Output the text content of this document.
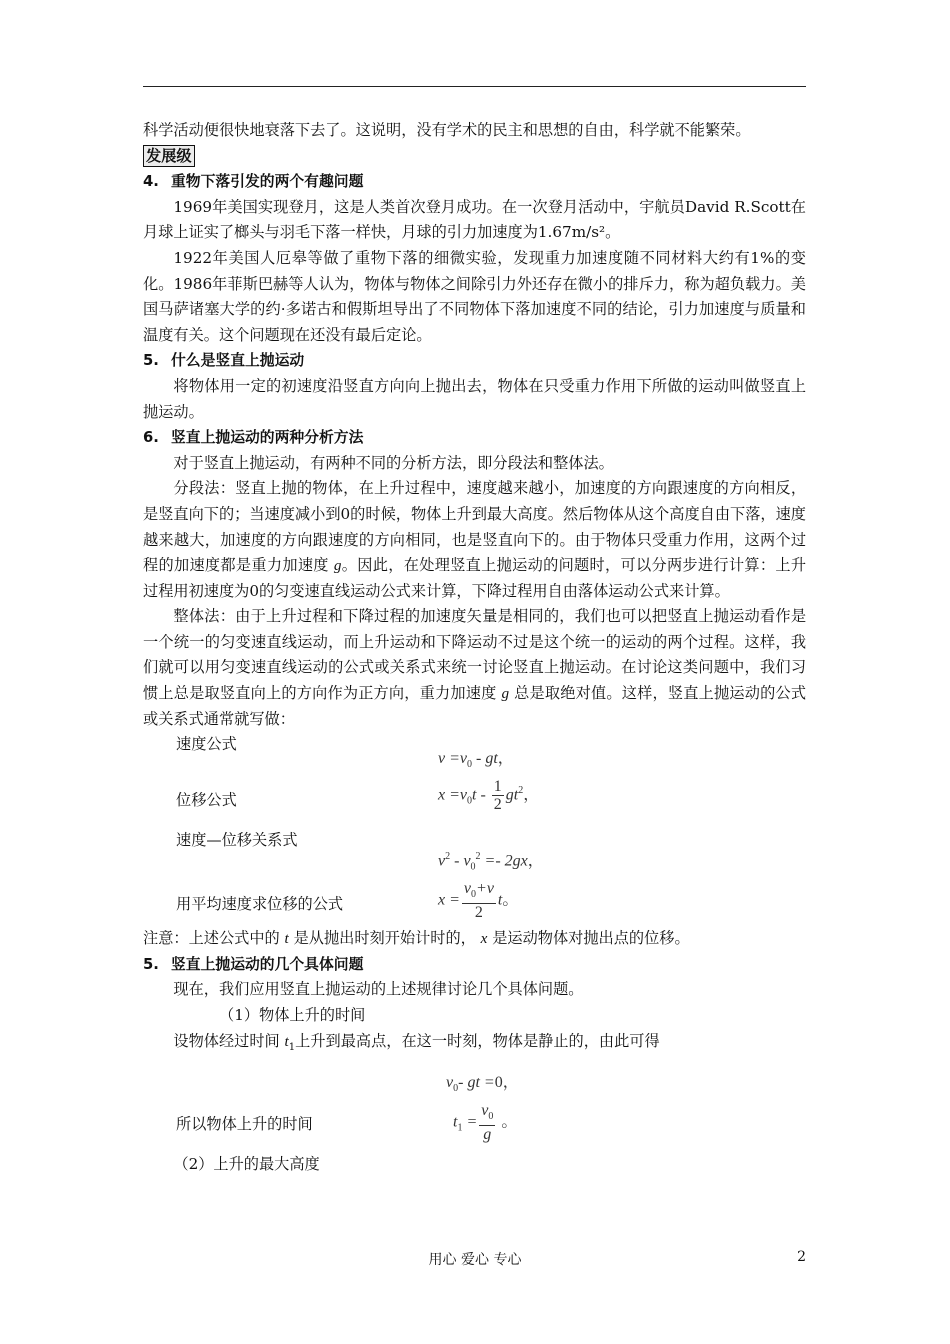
科学活动便很快地衰落下去了。这说明，没有学术的民主和思想的自由，科学就不能繁荣。

发展级

4. 重物下落引发的两个有趣问题

1969年美国实现登月，这是人类首次登月成功。在一次登月活动中，宇航员David R.Scott在月球上证实了榔头与羽毛下落一样快，月球的引力加速度为1.67m/s²。

1922年美国人厄皋等做了重物下落的细微实验，发现重力加速度随不同材料大约有1%的变化。1986年菲斯巴赫等人认为，物体与物体之间除引力外还存在微小的排斥力，称为超负载力。美国马萨诸塞大学的约·多诺古和假斯坦导出了不同物体下落加速度不同的结论，引力加速度与质量和温度有关。这个问题现在还没有最后定论。

5. 什么是竖直上抛运动

将物体用一定的初速度沿竖直方向向上抛出去，物体在只受重力作用下所做的运动叫做竖直上抛运动。

6. 竖直上抛运动的两种分析方法

对于竖直上抛运动，有两种不同的分析方法，即分段法和整体法。

分段法：竖直上抛的物体，在上升过程中，速度越来越小，加速度的方向跟速度的方向相反，是竖直向下的；当速度减小到0的时候，物体上升到最大高度。然后物体从这个高度自由下落，速度越来越大，加速度的方向跟速度的方向相同，也是竖直向下的。由于物体只受重力作用，这两个过程的加速度都是重力加速度 g。因此，在处理竖直上抛运动的问题时，可以分两步进行计算：上升过程用初速度为0的匀变速直线运动公式来计算，下降过程用自由落体运动公式来计算。

整体法：由于上升过程和下降过程的加速度矢量是相同的，我们也可以把竖直上抛运动看作是一个统一的匀变速直线运动，而上升运动和下降运动不过是这个统一的运动的两个过程。这样，我们就可以用匀变速直线运动的公式或关系式来统一讨论竖直上抛运动。在讨论这类问题中，我们习惯上总是取竖直向上的方向作为正方向，重力加速度 g 总是取绝对值。这样，竖直上抛运动的公式或关系式通常就写做：

速度公式
$v =v_0$ - gt，
位移公式	$x =v_0t - \frac{1}{2} gt^2$，
速度—位移关系式
$v^2 - v_0^2 =- 2gx$，
用平均速度求位移的公式	$x = \frac{v_0+v}{2}$ t。

注意：上述公式中的 t 是从抛出时刻开始计时的， x 是运动物体对抛出点的位移。

5. 竖直上抛运动的几个具体问题

现在，我们应用竖直上抛运动的上述规律讨论几个具体问题。

（1）物体上升的时间

设物体经过时间 $t_1$上升到最高点，在这一时刻，物体是静止的，由此可得

$v_0-$ gt =0，
所以物体上升的时间	$t_1 = \frac{v_0}{g}$ 。

（2）上升的最大高度

用心 爱心 专心	2
